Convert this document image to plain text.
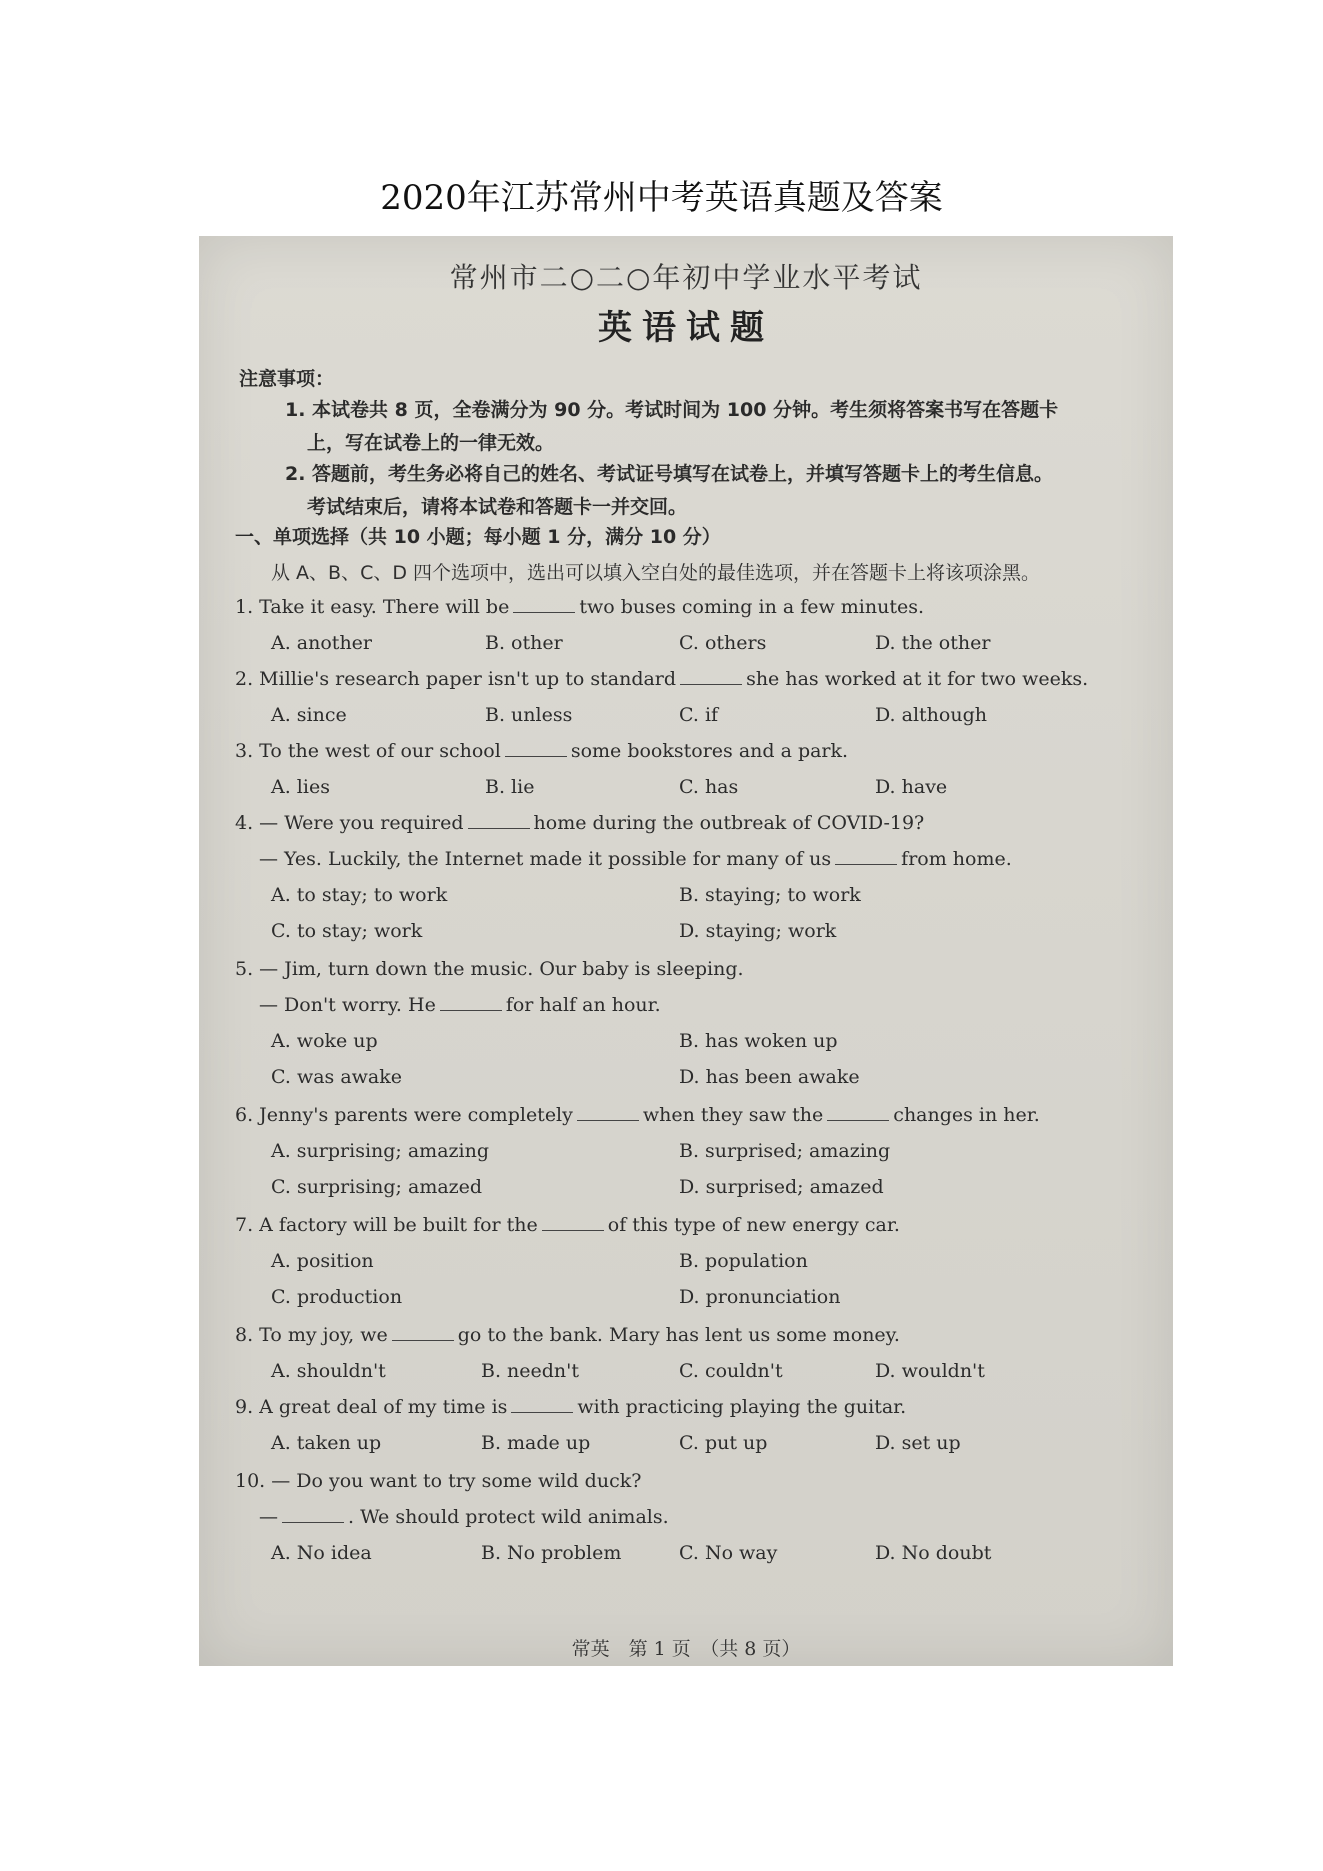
2020年江苏常州中考英语真题及答案
常州市二○二○年初中学业水平考试
英语试题
注意事项：
1. 本试卷共 8 页，全卷满分为 90 分。考试时间为 100 分钟。考生须将答案书写在答题卡
上，写在试卷上的一律无效。
2. 答题前，考生务必将自己的姓名、考试证号填写在试卷上，并填写答题卡上的考生信息。
考试结束后，请将本试卷和答题卡一并交回。
一、单项选择（共 10 小题；每小题 1 分，满分 10 分）
从 A、B、C、D 四个选项中，选出可以填入空白处的最佳选项，并在答题卡上将该项涂黑。
1. Take it easy. There will be	two buses coming in a few minutes.
A. another	B. other	C. others	D. the other
2. Millie's research paper isn't up to standard	she has worked at it for two weeks.
A. since	B. unless	C. if	D. although
3. To the west of our school	some bookstores and a park.
A. lies	B. lie	C. has	D. have
4. — Were you required	home during the outbreak of COVID-19?
— Yes. Luckily, the Internet made it possible for many of us	from home.
A. to stay; to work	B. staying; to work
C. to stay; work	D. staying; work
5. — Jim, turn down the music. Our baby is sleeping.
— Don't worry. He	for half an hour.
A. woke up	B. has woken up
C. was awake	D. has been awake
6. Jenny's parents were completely	when they saw the	changes in her.
A. surprising; amazing	B. surprised; amazing
C. surprising; amazed	D. surprised; amazed
7. A factory will be built for the	of this type of new energy car.
A. position	B. population
C. production	D. pronunciation
8. To my joy, we	go to the bank. Mary has lent us some money.
A. shouldn't	B. needn't	C. couldn't	D. wouldn't
9. A great deal of my time is	with practicing playing the guitar.
A. taken up	B. made up	C. put up	D. set up
10. — Do you want to try some wild duck?
—	. We should protect wild animals.
A. No idea	B. No problem	C. No way	D. No doubt
常英　第 1 页　（共 8 页）
